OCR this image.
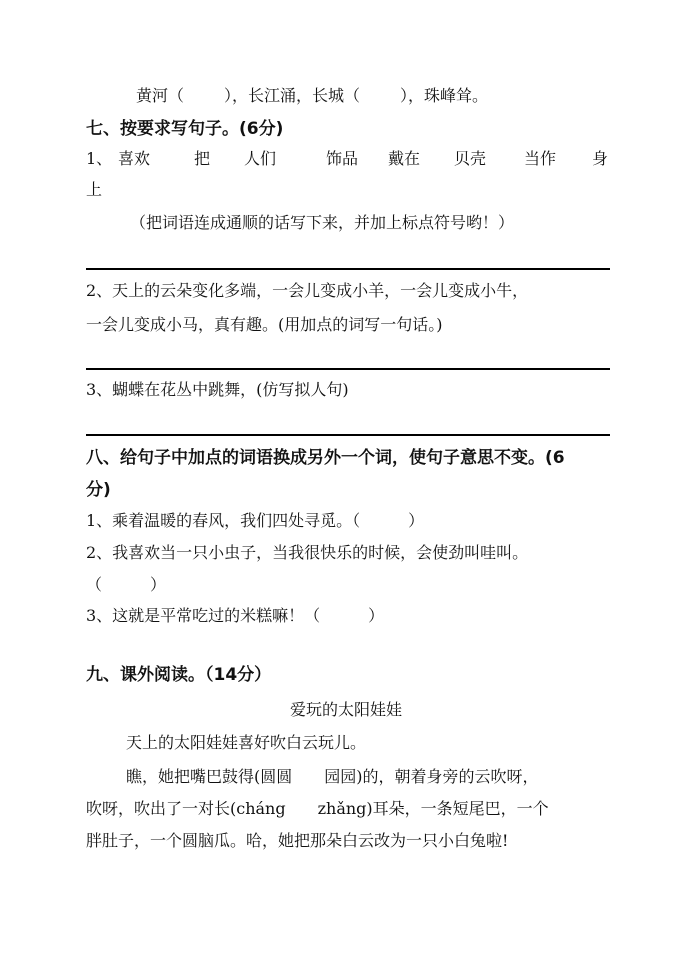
黄河（	），长江涌，长城（	），珠峰耸。
七、按要求写句子。(6分)
1、 喜欢	把 人们	饰品 戴在 贝壳 当作 身
上
（把词语连成通顺的话写下来，并加上标点符号哟！）
2、天上的云朵变化多端，一会儿变成小羊，一会儿变成小牛，
一会儿变成小马，真有趣。(用加点的词写一句话。)
3、蝴蝶在花丛中跳舞，(仿写拟人句)
八、给句子中加点的词语换成另外一个词，使句子意思不变。(6
分)
1、乘着温暖的春风，我们四处寻觅。（　　　）
2、我喜欢当一只小虫子，当我很快乐的时候，会使劲叫哇叫。
（　　　）
3、这就是平常吃过的米糕嘛！（　　　）
九、课外阅读。（14分）
爱玩的太阳娃娃
天上的太阳娃娃喜好吹白云玩儿。
瞧，她把嘴巴鼓得(圆圆　　园园)的，朝着身旁的云吹呀，
吹呀，吹出了一对长(cháng　　zhǎng)耳朵，一条短尾巴，一个
胖肚子，一个圆脑瓜。哈，她把那朵白云改为一只小白兔啦!
